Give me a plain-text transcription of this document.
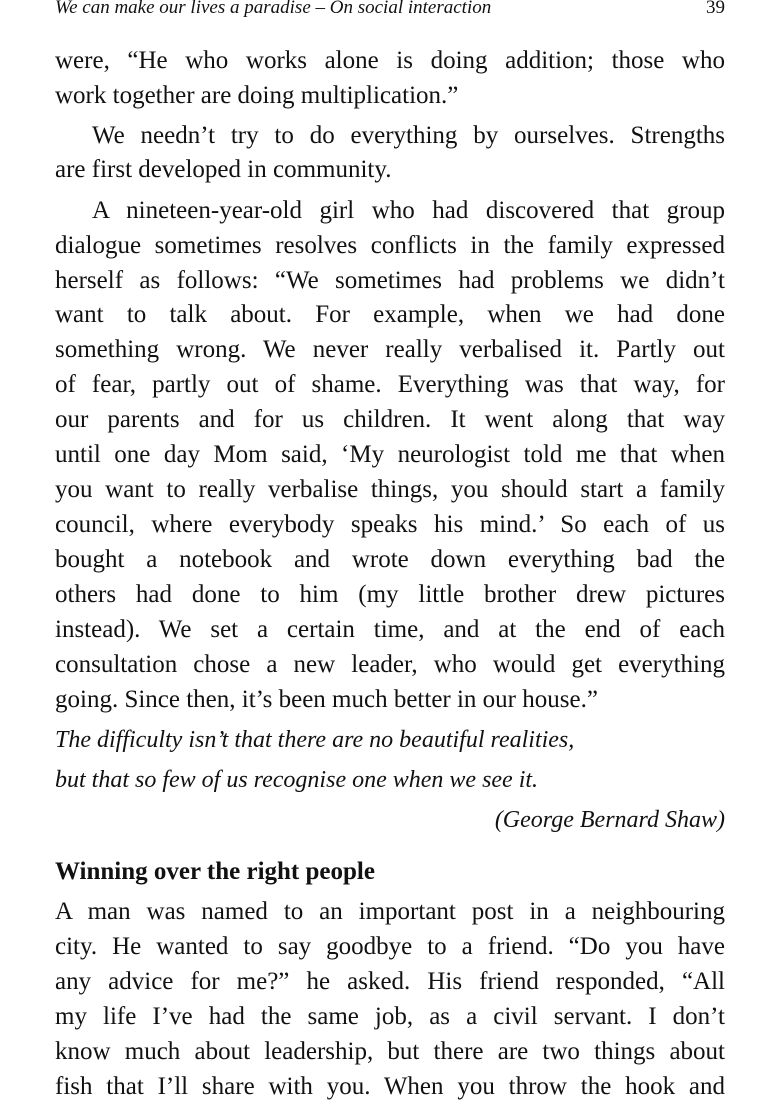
We can make our lives a paradise – On social interaction	39
were, “He who works alone is doing addition; those who
work together are doing multiplication.”
We needn’t try to do everything by ourselves. Strengths
are first developed in community.
A nineteen-year-old girl who had discovered that group
dialogue sometimes resolves conflicts in the family expressed
herself as follows: “We sometimes had problems we didn’t
want to talk about. For example, when we had done
something wrong. We never really verbalised it. Partly out
of fear, partly out of shame. Everything was that way, for
our parents and for us children. It went along that way
until one day Mom said, ‘My neurologist told me that when
you want to really verbalise things, you should start a family
council, where everybody speaks his mind.’ So each of us
bought a notebook and wrote down everything bad the
others had done to him (my little brother drew pictures
instead). We set a certain time, and at the end of each
consultation chose a new leader, who would get everything
going. Since then, it’s been much better in our house.”
The difficulty isn’t that there are no beautiful realities,
but that so few of us recognise one when we see it.
(George Bernard Shaw)
Winning over the right people
A man was named to an important post in a neighbouring
city. He wanted to say goodbye to a friend. “Do you have
any advice for me?” he asked. His friend responded, “All
my life I’ve had the same job, as a civil servant. I don’t
know much about leadership, but there are two things about
fish that I’ll share with you. When you throw the hook and
